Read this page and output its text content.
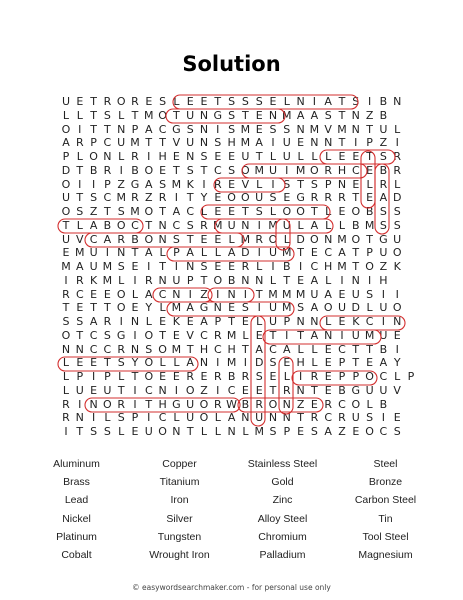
Solution
U E T R O R E S L E E T S S S E L N I A T S I B N
L L T S L T M O T U N G S T E N M A A S T N Z B
O I T T N P A C G S N I S M E S S N M V M N T U L
A R P C U M T T V U N S H M A I U E N N T I P Z I
P L O N L R I H E N S E E U T L U L L L E E T S R
D T B R I B O E T S T C S O M U I M O R H C E B R
O I I P Z G A S M K I R E V L I S T S P N E L R L
U T S C M R Z R I T Y E O O U S E G R R R T E A D
O S Z T S M O T A C L E E T S L O O T L E O B S S
T L A B O C T N C S R M U N I M U L A L L B M S S
U V C A R B O N S T E E L M R O L D O N M O T G U
E M U I N T A L P A L L A D I U M T E C A T P U O
M A U M S E I T I N S E E R L I B I C H M T O Z K
I R K M L I R N U P T O B N N L T E A L I N I H
R C E E O L A C N I Z I N I T M M M U A E U S I I
T E T T O E Y L M A G N E S I U M S A O U D L U O
S S A R I N L E K E A P T E L U P N N L E K C I N
O T C S G I O T E V C R M L E T I T A N I U M U E
N N C C R N S O M T H C H T A C A L L E C T T B I
L E E T S Y O L L A N I M I D S E H L E P T E A Y
L P I P L T O E E R E R B R S E L I R E P P O C L P
L U E U T I C N I O Z I C E E T R N T E B G U U V
R I N O R I T H G U O R W B R O N Z E R C O L B
R N I L S P I C L U O L A N U N N T R C R U S I E
I T S S L E U O N T L L N L M S P E S A Z E O C S
Aluminum	Copper	Stainless Steel	Steel
Brass	Titanium	Gold	Bronze
Lead	Iron	Zinc	Carbon Steel
Nickel	Silver	Alloy Steel	Tin
Platinum	Tungsten	Chromium	Tool Steel
Cobalt	Wrought Iron	Palladium	Magnesium
© easywordsearchmaker.com - for personal use only
